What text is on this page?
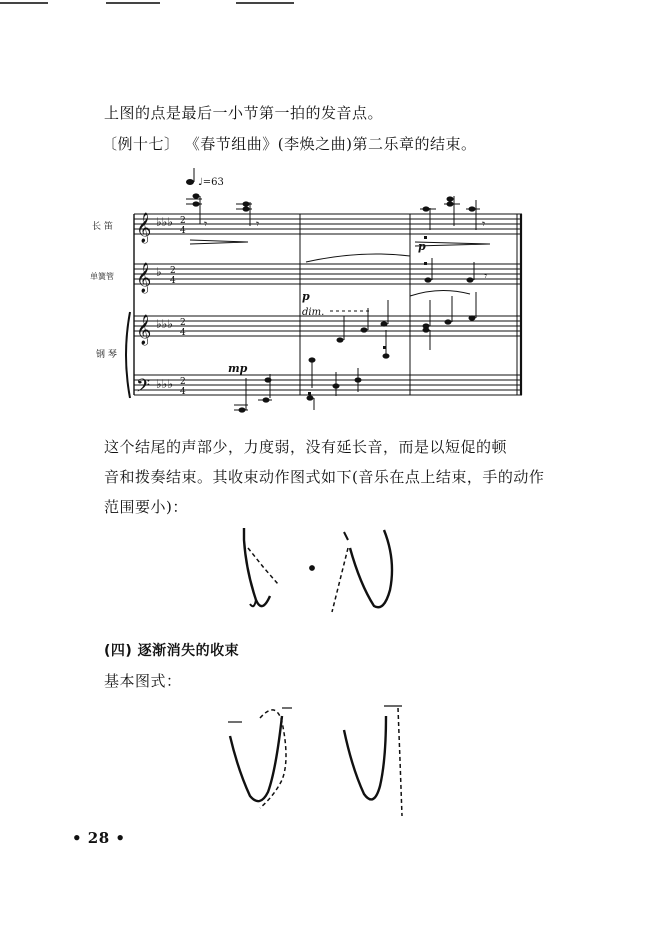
上图的点是最后一小节第一拍的发音点。
〔例十七〕 《春节组曲》(李焕之曲)第二乐章的结束。
𝄞
𝄞
𝄞
𝄢
♭♭♭
♭
♭♭♭
♭♭♭
2
4
2
4
2
4
2
4
𝄾	𝄾	𝄾
𝄾
♩=63
长 笛
单簧管
钢 琴
mp
p
dim.
p
这个结尾的声部少，力度弱，没有延长音，而是以短促的顿
音和拨奏结束。其收束动作图式如下(音乐在点上结束，手的动作
范围要小)：
(四) 逐渐消失的收束
基本图式：
• 28 •
